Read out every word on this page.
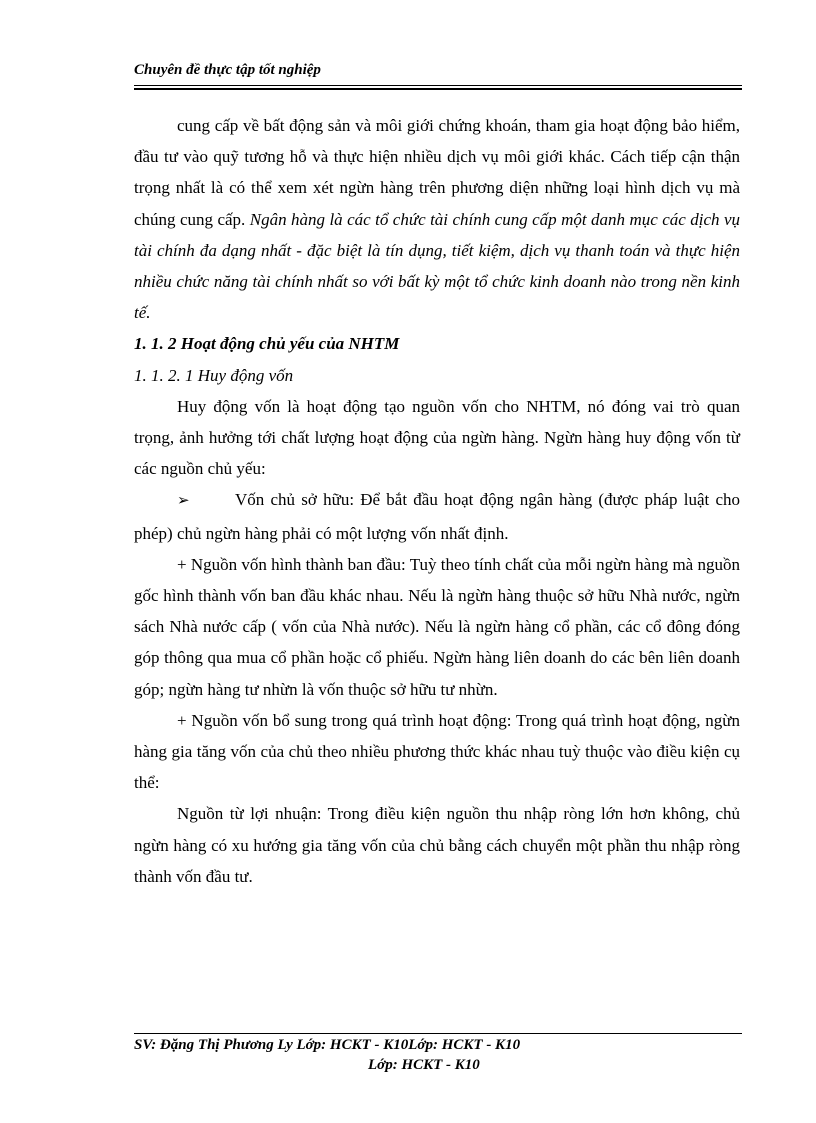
Chuyên đề thực tập tốt nghiệp

cung cấp về bất động sản và môi giới chứng khoán, tham gia hoạt động bảo hiểm, đầu tư vào quỹ tương hỗ và thực hiện nhiều dịch vụ môi giới khác. Cách tiếp cận thận trọng nhất là có thể xem xét ngừn hàng trên phương diện những loại hình dịch vụ mà chúng cung cấp. Ngân hàng là các tổ chức tài chính cung cấp một danh mục các dịch vụ tài chính đa dạng nhất - đặc biệt là tín dụng, tiết kiệm, dịch vụ thanh toán và thực hiện nhiều chức năng tài chính nhất so với bất kỳ một tổ chức kinh doanh nào trong nền kinh tế.

1. 1. 2 Hoạt động chủ yếu của NHTM

1. 1. 2. 1 Huy động vốn

Huy động vốn là hoạt động tạo nguồn vốn cho NHTM, nó đóng vai trò quan trọng, ảnh hưởng tới chất lượng hoạt động của ngừn hàng. Ngừn hàng huy động vốn từ các nguồn chủ yếu:

➢	Vốn chủ sở hữu: Để bắt đầu hoạt động ngân hàng (được pháp luật cho phép) chủ ngừn hàng phải có một lượng vốn nhất định.

+ Nguồn vốn hình thành ban đầu: Tuỳ theo tính chất của mỗi ngừn hàng mà nguồn gốc hình thành vốn ban đầu khác nhau. Nếu là ngừn hàng thuộc sở hữu Nhà nước, ngừn sách Nhà nước cấp ( vốn của Nhà nước). Nếu là ngừn hàng cổ phần, các cổ đông đóng góp thông qua mua cổ phần hoặc cổ phiếu. Ngừn hàng liên doanh do các bên liên doanh góp; ngừn hàng tư nhừn là vốn thuộc sở hữu tư nhừn.

+ Nguồn vốn bổ sung trong quá trình hoạt động: Trong quá trình hoạt động, ngừn hàng gia tăng vốn của chủ theo nhiều phương thức khác nhau tuỳ thuộc vào điều kiện cụ thể:

Nguồn từ lợi nhuận: Trong điều kiện nguồn thu nhập ròng lớn hơn không, chủ ngừn hàng có xu hướng gia tăng vốn của chủ bằng cách chuyển một phần thu nhập ròng thành vốn đầu tư.

SV: Đặng Thị Phương Ly Lớp: HCKT - K10Lớp: HCKT - K10
Lớp: HCKT - K10
